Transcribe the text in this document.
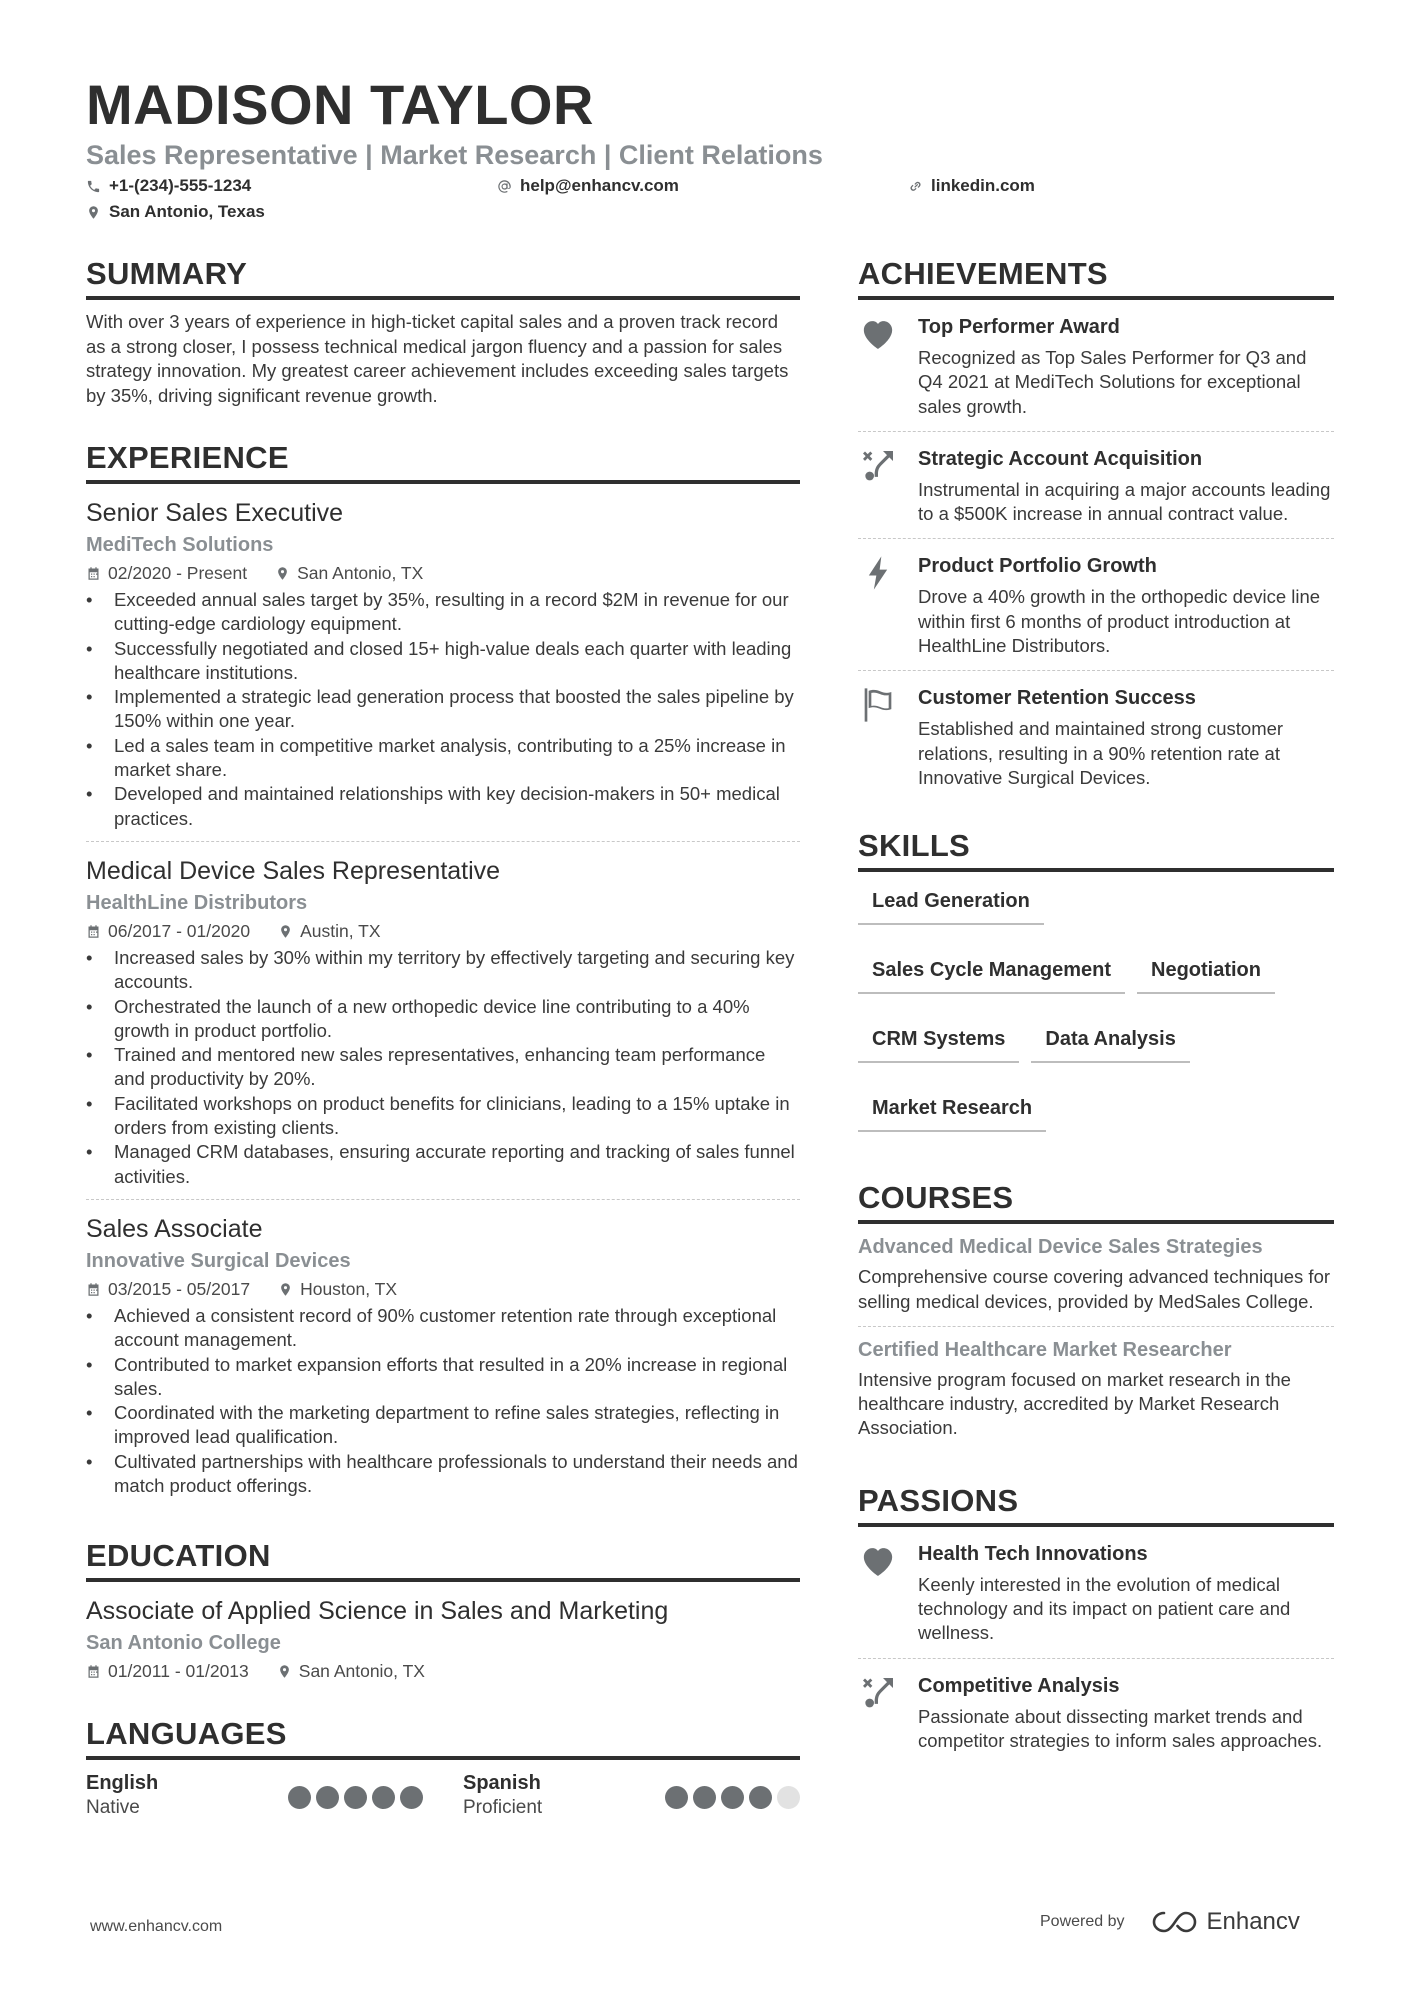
MADISON TAYLOR
Sales Representative | Market Research | Client Relations
+1-(234)-555-1234	help@enhancv.com	linkedin.com
San Antonio, Texas
SUMMARY
With over 3 years of experience in high-ticket capital sales and a proven track record as a strong closer, I possess technical medical jargon fluency and a passion for sales strategy innovation. My greatest career achievement includes exceeding sales targets by 35%, driving significant revenue growth.
EXPERIENCE
Senior Sales Executive
MediTech Solutions
02/2020 - Present	San Antonio, TX
• Exceeded annual sales target by 35%, resulting in a record $2M in revenue for our cutting-edge cardiology equipment.
• Successfully negotiated and closed 15+ high-value deals each quarter with leading healthcare institutions.
• Implemented a strategic lead generation process that boosted the sales pipeline by 150% within one year.
• Led a sales team in competitive market analysis, contributing to a 25% increase in market share.
• Developed and maintained relationships with key decision-makers in 50+ medical practices.
Medical Device Sales Representative
HealthLine Distributors
06/2017 - 01/2020	Austin, TX
• Increased sales by 30% within my territory by effectively targeting and securing key accounts.
• Orchestrated the launch of a new orthopedic device line contributing to a 40% growth in product portfolio.
• Trained and mentored new sales representatives, enhancing team performance and productivity by 20%.
• Facilitated workshops on product benefits for clinicians, leading to a 15% uptake in orders from existing clients.
• Managed CRM databases, ensuring accurate reporting and tracking of sales funnel activities.
Sales Associate
Innovative Surgical Devices
03/2015 - 05/2017	Houston, TX
• Achieved a consistent record of 90% customer retention rate through exceptional account management.
• Contributed to market expansion efforts that resulted in a 20% increase in regional sales.
• Coordinated with the marketing department to refine sales strategies, reflecting in improved lead qualification.
• Cultivated partnerships with healthcare professionals to understand their needs and match product offerings.
EDUCATION
Associate of Applied Science in Sales and Marketing
San Antonio College
01/2011 - 01/2013	San Antonio, TX
LANGUAGES
English
Native
Spanish
Proficient
ACHIEVEMENTS
Top Performer Award
Recognized as Top Sales Performer for Q3 and Q4 2021 at MediTech Solutions for exceptional sales growth.
Strategic Account Acquisition
Instrumental in acquiring a major accounts leading to a $500K increase in annual contract value.
Product Portfolio Growth
Drove a 40% growth in the orthopedic device line within first 6 months of product introduction at HealthLine Distributors.
Customer Retention Success
Established and maintained strong customer relations, resulting in a 90% retention rate at Innovative Surgical Devices.
SKILLS
Lead Generation
Sales Cycle Management	Negotiation
CRM Systems	Data Analysis
Market Research
COURSES
Advanced Medical Device Sales Strategies
Comprehensive course covering advanced techniques for selling medical devices, provided by MedSales College.
Certified Healthcare Market Researcher
Intensive program focused on market research in the healthcare industry, accredited by Market Research Association.
PASSIONS
Health Tech Innovations
Keenly interested in the evolution of medical technology and its impact on patient care and wellness.
Competitive Analysis
Passionate about dissecting market trends and competitor strategies to inform sales approaches.
www.enhancv.com	Powered by	Enhancv
